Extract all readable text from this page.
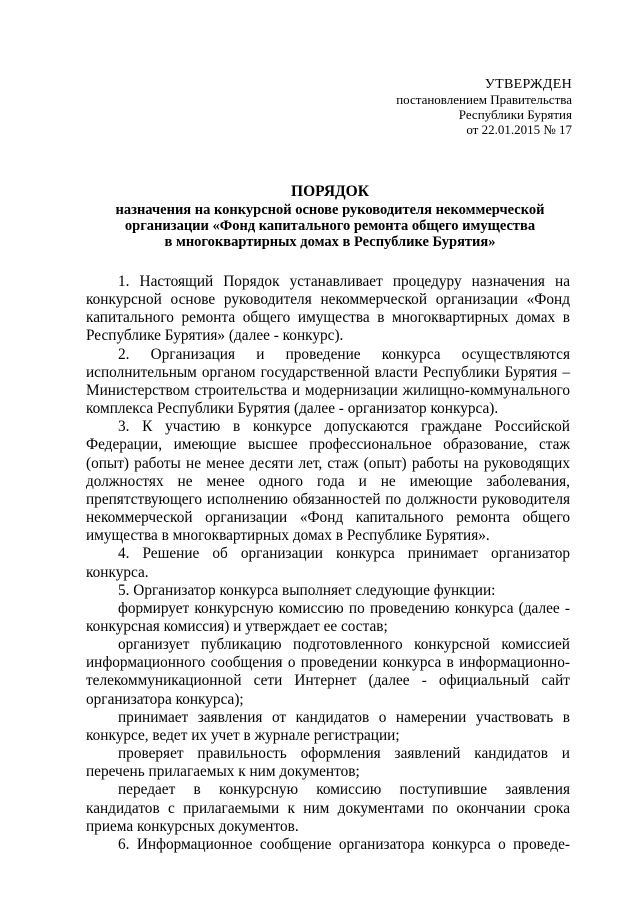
УТВЕРЖДЕН
постановлением Правительства
Республики Бурятия
от 22.01.2015 № 17
ПОРЯДОК
назначения на конкурсной основе руководителя некоммерческой
организации «Фонд капитального ремонта общего имущества
в многоквартирных домах в Республике Бурятия»

1. Настоящий Порядок устанавливает процедуру назначения на конкурсной основе руководителя некоммерческой организации «Фонд капитального ремонта общего имущества в многоквартирных домах в Республике Бурятия» (далее - конкурс).

2. Организация и проведение конкурса осуществляются исполнительным органом государственной власти Республики Бурятия – Министерством строительства и модернизации жилищно-коммунального комплекса Республики Бурятия (далее - организатор конкурса).

3. К участию в конкурсе допускаются граждане Российской Федерации, имеющие высшее профессиональное образование, стаж (опыт) работы не менее десяти лет, стаж (опыт) работы на руководящих должностях не менее одного года и не имеющие заболевания, препятствующего исполнению обязанностей по должности руководителя некоммерческой организации «Фонд капитального ремонта общего имущества в многоквартирных домах в Республике Бурятия».

4. Решение об организации конкурса принимает организатор конкурса.

5. Организатор конкурса выполняет следующие функции:

формирует конкурсную комиссию по проведению конкурса (далее - конкурсная комиссия) и утверждает ее состав;

организует публикацию подготовленного конкурсной комиссией информационного сообщения о проведении конкурса в информационно-телекоммуникационной сети Интернет (далее - официальный сайт организатора конкурса);

принимает заявления от кандидатов о намерении участвовать в конкурсе, ведет их учет в журнале регистрации;

проверяет правильность оформления заявлений кандидатов и перечень прилагаемых к ним документов;

передает в конкурсную комиссию поступившие заявления кандидатов с прилагаемыми к ним документами по окончании срока приема конкурсных документов.

6. Информационное сообщение организатора конкурса о проведе-
